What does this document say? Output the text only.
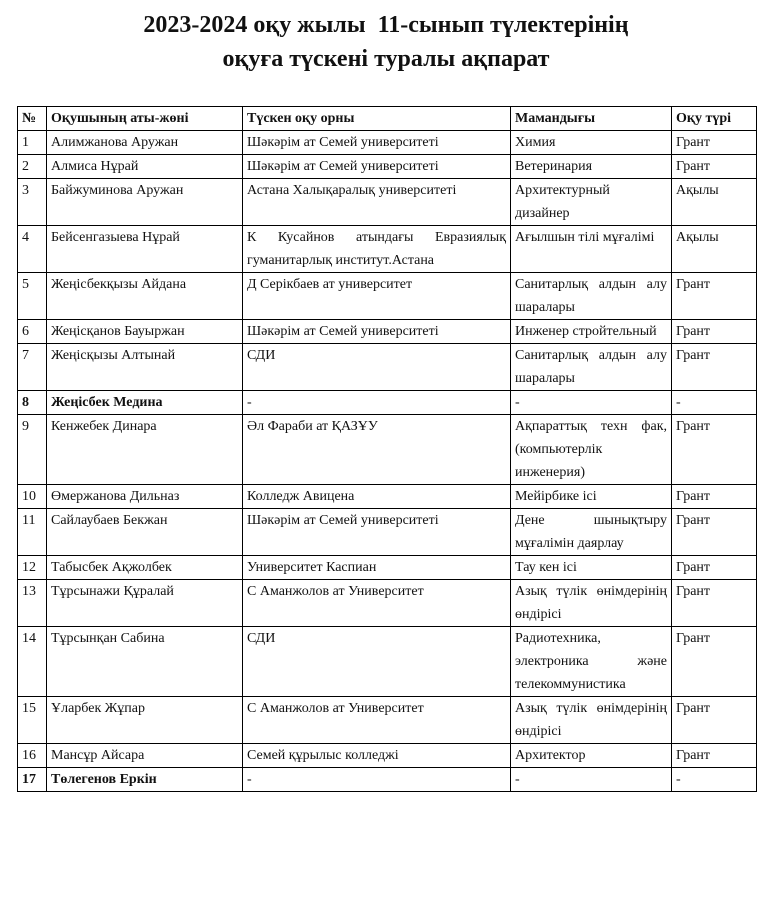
2023-2024 оқу жылы  11-сынып түлектерінің
оқуға түскені туралы ақпарат
№	Оқушының аты-жөні	Түскен оқу орны	Мамандығы	Оқу түрі
1	Алимжанова Аружан	Шәкәрім ат Семей университеті	Химия	Грант
2	Алмиса Нұрай	Шәкәрім ат Семей университеті	Ветеринария	Грант
3	Байжуминова Аружан	Астана Халықаралық университеті	Архитектурный дизайнер	Ақылы
4	Бейсенгазыева Нұрай	К Кусайнов атындағы Евразиялық гуманитарлық институт.Астана	Ағылшын тілі мұғалімі	Ақылы
5	Жеңісбекқызы Айдана	Д Серікбаев ат университет	Санитарлық алдын алу шаралары	Грант
6	Жеңісқанов Бауыржан	Шәкәрім ат Семей университеті	Инженер стройтельный	Грант
7	Жеңісқызы Алтынай	СДИ	Санитарлық алдын алу шаралары	Грант
8	Жеңісбек Медина	-	-	-
9	Кенжебек Динара	Әл Фараби ат ҚАЗҰУ	Ақпараттық техн фак, (компьютерлік инженерия)	Грант
10	Өмержанова Дильназ	Колледж Авицена	Мейірбике ісі	Грант
11	Сайлаубаев Бекжан	Шәкәрім ат Семей университеті	Дене шынықтыру мұғалімін даярлау	Грант
12	Табысбек Ақжолбек	Университет Каспиан	Тау кен ісі	Грант
13	Тұрсынажи Құралай	С Аманжолов ат Университет	Азық түлік өнімдерінің өндірісі	Грант
14	Тұрсынқан Сабина	СДИ	Радиотехника, электроника және телекоммунистика	Грант
15	Ұларбек Жұпар	С Аманжолов ат Университет	Азық түлік өнімдерінің өндірісі	Грант
16	Мансұр Айсара	Семей құрылыс колледжі	Архитектор	Грант
17	Төлегенов Еркін	-	-	-
